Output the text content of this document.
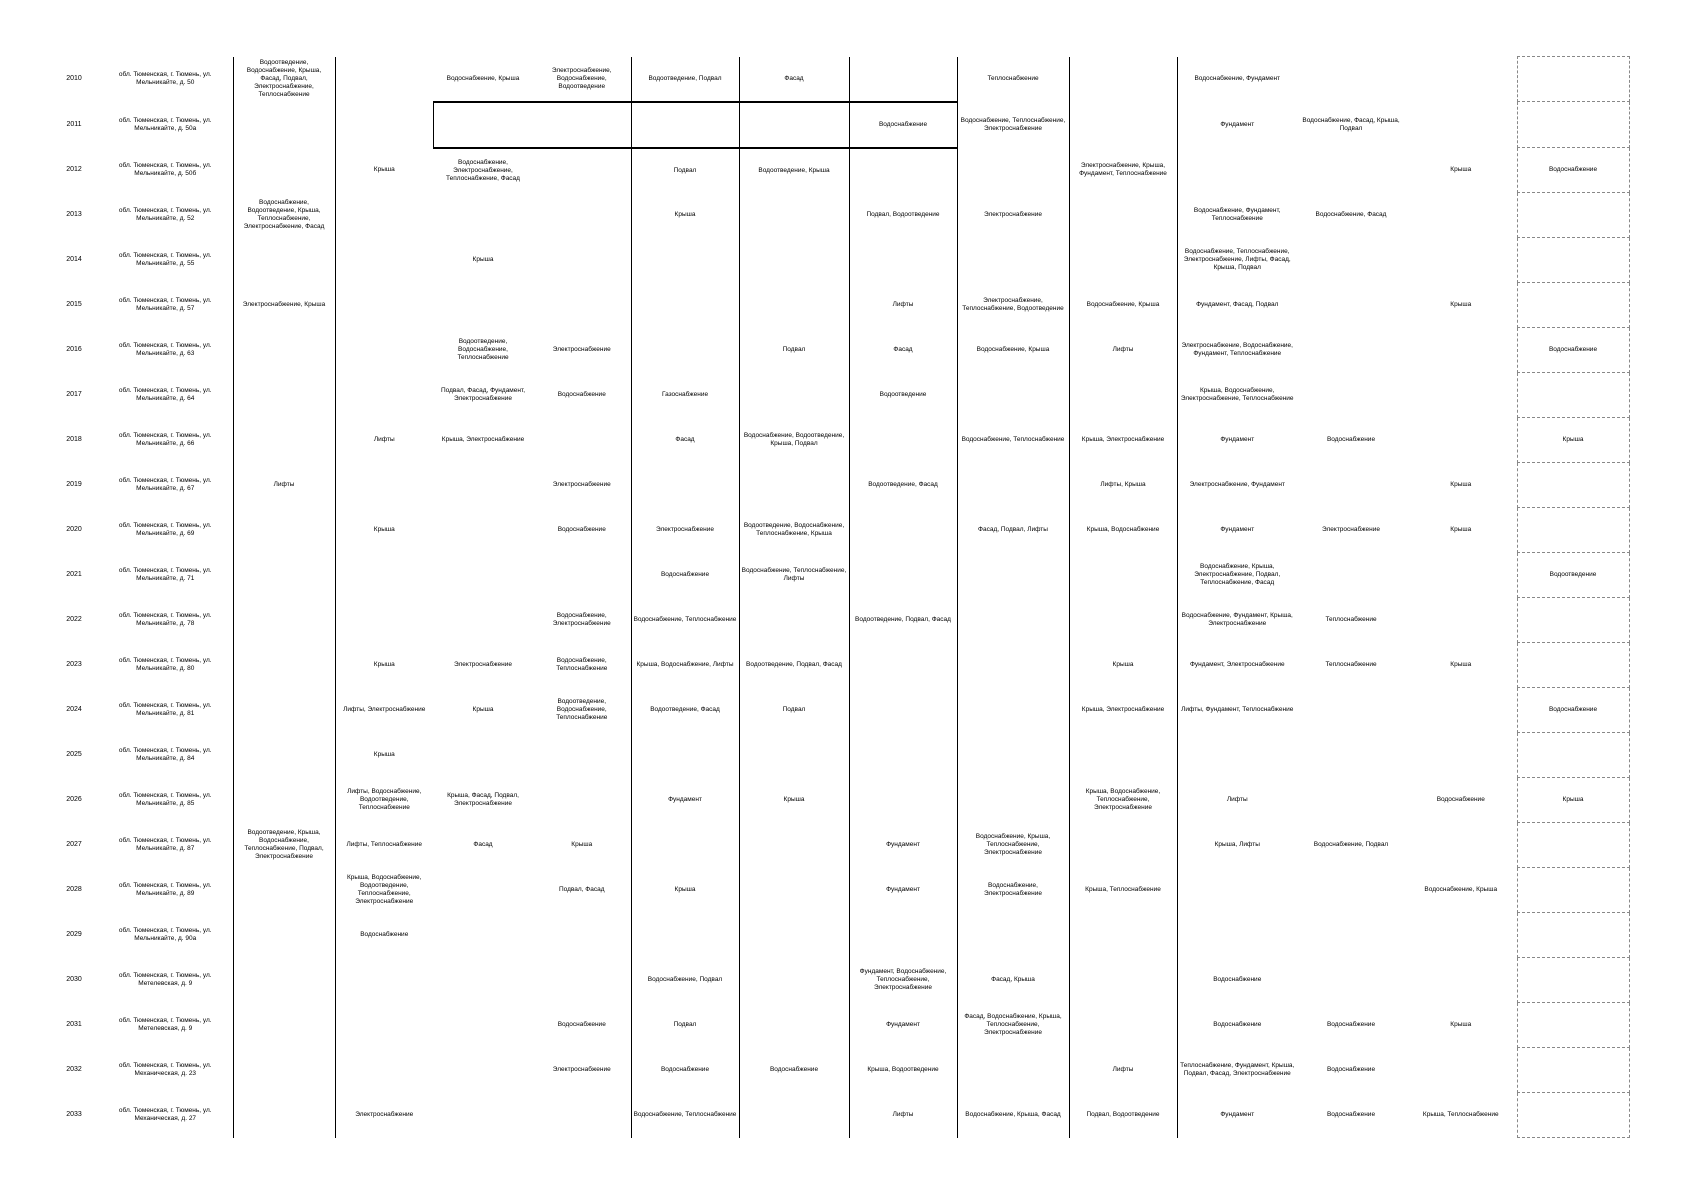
2010	обл. Тюменская, г. Тюмень, ул. Мельникайте, д. 50	Водоотведение, Водоснабжение, Крыша, Фасад, Подвал, Электроснабжение, Теплоснабжение		Водоснабжение, Крыша	Электроснабжение, Водоснабжение, Водоотведение	Водоотведение, Подвал	Фасад		Теплоснабжение		Водоснабжение, Фундамент			
2011	обл. Тюменская, г. Тюмень, ул. Мельникайте, д. 50а							Водоснабжение	Водоснабжение, Теплоснабжение, Электроснабжение		Фундамент	Водоснабжение, Фасад, Крыша, Подвал		
2012	обл. Тюменская, г. Тюмень, ул. Мельникайте, д. 50б		Крыша	Водоснабжение, Электроснабжение, Теплоснабжение, Фасад		Подвал	Водоотведение, Крыша			Электроснабжение, Крыша, Фундамент, Теплоснабжение			Крыша	Водоснабжение
2013	обл. Тюменская, г. Тюмень, ул. Мельникайте, д. 52	Водоснабжение, Водоотведение, Крыша, Теплоснабжение, Электроснабжение, Фасад				Крыша		Подвал, Водоотведение	Электроснабжение		Водоснабжение, Фундамент, Теплоснабжение	Водоснабжение, Фасад		
2014	обл. Тюменская, г. Тюмень, ул. Мельникайте, д. 55			Крыша							Водоснабжение, Теплоснабжение, Электроснабжение, Лифты, Фасад, Крыша, Подвал			
2015	обл. Тюменская, г. Тюмень, ул. Мельникайте, д. 57	Электроснабжение, Крыша						Лифты	Электроснабжение, Теплоснабжение, Водоотведение	Водоснабжение, Крыша	Фундамент, Фасад, Подвал		Крыша	
2016	обл. Тюменская, г. Тюмень, ул. Мельникайте, д. 63			Водоотведение, Водоснабжение, Теплоснабжение	Электроснабжение		Подвал	Фасад	Водоснабжение, Крыша	Лифты	Электроснабжение, Водоснабжение, Фундамент, Теплоснабжение			Водоснабжение
2017	обл. Тюменская, г. Тюмень, ул. Мельникайте, д. 64			Подвал, Фасад, Фундамент, Электроснабжение	Водоснабжение	Газоснабжение		Водоотведение			Крыша, Водоснабжение, Электроснабжение, Теплоснабжение			
2018	обл. Тюменская, г. Тюмень, ул. Мельникайте, д. 66		Лифты	Крыша, Электроснабжение		Фасад	Водоснабжение, Водоотведение, Крыша, Подвал		Водоснабжение, Теплоснабжение	Крыша, Электроснабжение	Фундамент	Водоснабжение		Крыша
2019	обл. Тюменская, г. Тюмень, ул. Мельникайте, д. 67	Лифты			Электроснабжение			Водоотведение, Фасад		Лифты, Крыша	Электроснабжение, Фундамент		Крыша	
2020	обл. Тюменская, г. Тюмень, ул. Мельникайте, д. 69		Крыша		Водоснабжение	Электроснабжение	Водоотведение, Водоснабжение, Теплоснабжение, Крыша		Фасад, Подвал, Лифты	Крыша, Водоснабжение	Фундамент	Электроснабжение	Крыша	
2021	обл. Тюменская, г. Тюмень, ул. Мельникайте, д. 71					Водоснабжение	Водоснабжение, Теплоснабжение, Лифты				Водоснабжение, Крыша, Электроснабжение, Подвал, Теплоснабжение, Фасад			Водоотведение
2022	обл. Тюменская, г. Тюмень, ул. Мельникайте, д. 78				Водоснабжение, Электроснабжение	Водоснабжение, Теплоснабжение		Водоотведение, Подвал, Фасад			Водоснабжение, Фундамент, Крыша, Электроснабжение	Теплоснабжение		
2023	обл. Тюменская, г. Тюмень, ул. Мельникайте, д. 80		Крыша	Электроснабжение	Водоснабжение, Теплоснабжение	Крыша, Водоснабжение, Лифты	Водоотведение, Подвал, Фасад			Крыша	Фундамент, Электроснабжение	Теплоснабжение	Крыша	
2024	обл. Тюменская, г. Тюмень, ул. Мельникайте, д. 81		Лифты, Электроснабжение	Крыша	Водоотведение, Водоснабжение, Теплоснабжение	Водоотведение, Фасад	Подвал			Крыша, Электроснабжение	Лифты, Фундамент, Теплоснабжение			Водоснабжение
2025	обл. Тюменская, г. Тюмень, ул. Мельникайте, д. 84		Крыша											
2026	обл. Тюменская, г. Тюмень, ул. Мельникайте, д. 85		Лифты, Водоснабжение, Водоотведение, Теплоснабжение	Крыша, Фасад, Подвал, Электроснабжение		Фундамент	Крыша			Крыша, Водоснабжение, Теплоснабжение, Электроснабжение	Лифты		Водоснабжение	Крыша
2027	обл. Тюменская, г. Тюмень, ул. Мельникайте, д. 87	Водоотведение, Крыша, Водоснабжение, Теплоснабжение, Подвал, Электроснабжение	Лифты, Теплоснабжение	Фасад	Крыша			Фундамент	Водоснабжение, Крыша, Теплоснабжение, Электроснабжение		Крыша, Лифты	Водоснабжение, Подвал		
2028	обл. Тюменская, г. Тюмень, ул. Мельникайте, д. 89		Крыша, Водоснабжение, Водоотведение, Теплоснабжение, Электроснабжение		Подвал, Фасад	Крыша		Фундамент	Водоснабжение, Электроснабжение	Крыша, Теплоснабжение			Водоснабжение, Крыша	
2029	обл. Тюменская, г. Тюмень, ул. Мельникайте, д. 90а		Водоснабжение											
2030	обл. Тюменская, г. Тюмень, ул. Метелевская, д. 9					Водоснабжение, Подвал		Фундамент, Водоснабжение, Теплоснабжение, Электроснабжение	Фасад, Крыша		Водоснабжение			
2031	обл. Тюменская, г. Тюмень, ул. Метелевская, д. 9				Водоснабжение	Подвал		Фундамент	Фасад, Водоснабжение, Крыша, Теплоснабжение, Электроснабжение		Водоснабжение	Водоснабжение	Крыша	
2032	обл. Тюменская, г. Тюмень, ул. Механическая, д. 23				Электроснабжение	Водоснабжение	Водоснабжение	Крыша, Водоотведение		Лифты	Теплоснабжение, Фундамент, Крыша, Подвал, Фасад, Электроснабжение	Водоснабжение		
2033	обл. Тюменская, г. Тюмень, ул. Механическая, д. 27		Электроснабжение			Водоснабжение, Теплоснабжение		Лифты	Водоснабжение, Крыша, Фасад	Подвал, Водоотведение	Фундамент	Водоснабжение	Крыша, Теплоснабжение	
